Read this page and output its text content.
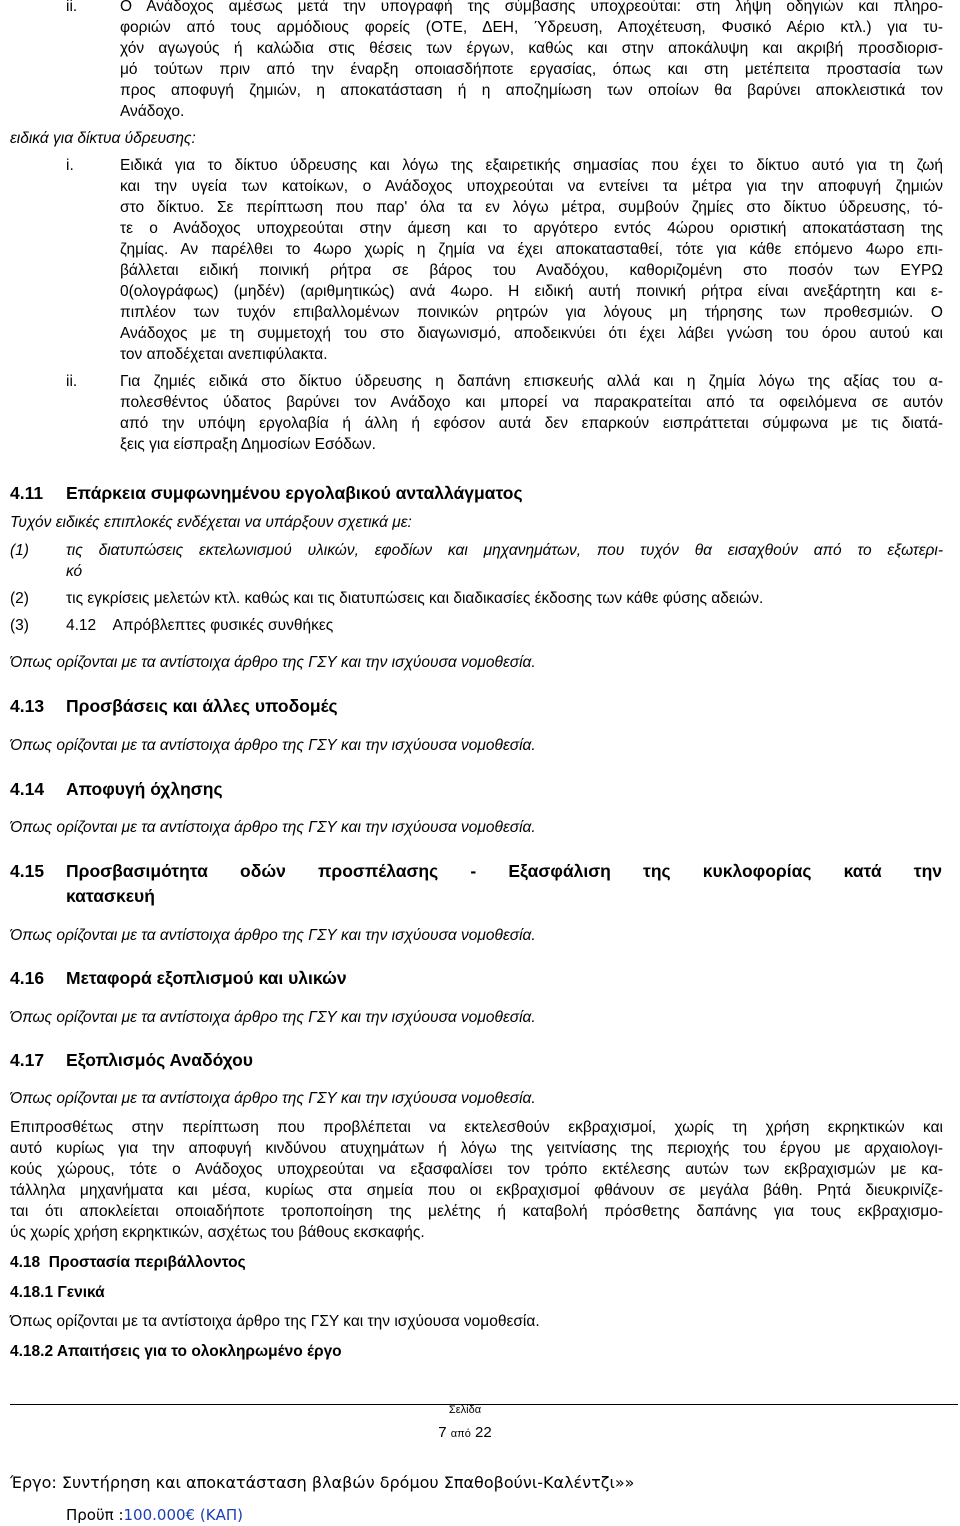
ii.	Ο Ανάδοχος αμέσως μετά την υπογραφή της σύμβασης υποχρεούται: στη λήψη οδηγιών και πληρο-
φοριών από τους αρμόδιους φορείς (ΟΤΕ, ΔΕΗ, Ύδρευση, Αποχέτευση, Φυσικό Αέριο κτλ.) για τυ-
χόν αγωγούς ή καλώδια στις θέσεις των έργων, καθώς και στην αποκάλυψη και ακριβή προσδιορισ-
μό τούτων πριν από την έναρξη οποιασδήποτε εργασίας, όπως και στη μετέπειτα προστασία των
προς αποφυγή ζημιών, η αποκατάσταση ή η αποζημίωση των οποίων θα βαρύνει αποκλειστικά τον
Ανάδοχο.
ειδικά για δίκτυα ύδρευσης:
i.	Ειδικά για το δίκτυο ύδρευσης και λόγω της εξαιρετικής σημασίας που έχει το δίκτυο αυτό για τη ζωή
και την υγεία των κατοίκων, ο Ανάδοχος υποχρεούται να εντείνει τα μέτρα για την αποφυγή ζημιών
στο δίκτυο. Σε περίπτωση που παρ' όλα τα εν λόγω μέτρα, συμβούν ζημίες στο δίκτυο ύδρευσης, τό-
τε ο Ανάδοχος υποχρεούται στην άμεση και το αργότερο εντός 4ώρου οριστική αποκατάσταση της
ζημίας. Αν παρέλθει το 4ωρο χωρίς η ζημία να έχει αποκατασταθεί, τότε για κάθε επόμενο 4ωρο επι-
βάλλεται ειδική ποινική ρήτρα σε βάρος του Αναδόχου, καθοριζομένη στο ποσόν των ΕΥΡΩ
0(ολογράφως) (μηδέν) (αριθμητικώς) ανά 4ωρο. Η ειδική αυτή ποινική ρήτρα είναι ανεξάρτητη και ε-
πιπλέον των τυχόν επιβαλλομένων ποινικών ρητρών για λόγους μη τήρησης των προθεσμιών. Ο
Ανάδοχος με τη συμμετοχή του στο διαγωνισμό, αποδεικνύει ότι έχει λάβει γνώση του όρου αυτού και
τον αποδέχεται ανεπιφύλακτα.
ii.	Για ζημιές ειδικά στο δίκτυο ύδρευσης η δαπάνη επισκευής αλλά και η ζημία λόγω της αξίας του α-
πολεσθέντος ύδατος βαρύνει τον Ανάδοχο και μπορεί να παρακρατείται από τα οφειλόμενα σε αυτόν
από την υπόψη εργολαβία ή άλλη ή εφόσον αυτά δεν επαρκούν εισπράττεται σύμφωνα με τις διατά-
ξεις για είσπραξη Δημοσίων Εσόδων.
4.11 Επάρκεια συμφωνημένου εργολαβικού ανταλλάγματος
Τυχόν ειδικές επιπλοκές ενδέχεται να υπάρξουν σχετικά με:
(1) τις διατυπώσεις εκτελωνισμού υλικών, εφοδίων και μηχανημάτων, που τυχόν θα εισαχθούν από το εξωτερι-
κό
(2) τις εγκρίσεις μελετών κτλ. καθώς και τις διατυπώσεις και διαδικασίες έκδοσης των κάθε φύσης αδειών.
(3) 4.12    Απρόβλεπτες φυσικές συνθήκες
Όπως ορίζονται με τα αντίστοιχα άρθρο της ΓΣΥ και την ισχύουσα νομοθεσία.
4.13 Προσβάσεις και άλλες υποδομές
Όπως ορίζονται με τα αντίστοιχα άρθρο της ΓΣΥ και την ισχύουσα νομοθεσία.
4.14 Αποφυγή όχλησης
Όπως ορίζονται με τα αντίστοιχα άρθρο της ΓΣΥ και την ισχύουσα νομοθεσία.
4.15 Προσβασιμότητα οδών προσπέλασης - Εξασφάλιση της κυκλοφορίας κατά την
κατασκευή
Όπως ορίζονται με τα αντίστοιχα άρθρο της ΓΣΥ και την ισχύουσα νομοθεσία.
4.16 Μεταφορά εξοπλισμού και υλικών
Όπως ορίζονται με τα αντίστοιχα άρθρο της ΓΣΥ και την ισχύουσα νομοθεσία.
4.17 Εξοπλισμός Αναδόχου
Όπως ορίζονται με τα αντίστοιχα άρθρο της ΓΣΥ και την ισχύουσα νομοθεσία.
Επιπροσθέτως στην περίπτωση που προβλέπεται να εκτελεσθούν εκβραχισμοί, χωρίς τη χρήση εκρηκτικών και
αυτό κυρίως για την αποφυγή κινδύνου ατυχημάτων ή λόγω της γειτνίασης της περιοχής του έργου με αρχαιολογι-
κούς χώρους, τότε ο Ανάδοχος υποχρεούται να εξασφαλίσει τον τρόπο εκτέλεσης αυτών των εκβραχισμών με κα-
τάλληλα μηχανήματα και μέσα, κυρίως στα σημεία που οι εκβραχισμοί φθάνουν σε μεγάλα βάθη. Ρητά διευκρινίζε-
ται ότι αποκλείεται οποιαδήποτε τροποποίηση της μελέτης ή καταβολή πρόσθετης δαπάνης για τους εκβραχισμο-
ύς χωρίς χρήση εκρηκτικών, ασχέτως του βάθους εκσκαφής.
4.18  Προστασία περιβάλλοντος
4.18.1 Γενικά
Όπως ορίζονται με τα αντίστοιχα άρθρο της ΓΣΥ και την ισχύουσα νομοθεσία.
4.18.2 Απαιτήσεις για το ολοκληρωμένο έργο
Σελίδα
7 από 22
Έργο: Συντήρηση και αποκατάσταση βλαβών δρόμου Σπαθοβούνι-Καλέντζι»»
Προϋπ :100.000€ (ΚΑΠ)
